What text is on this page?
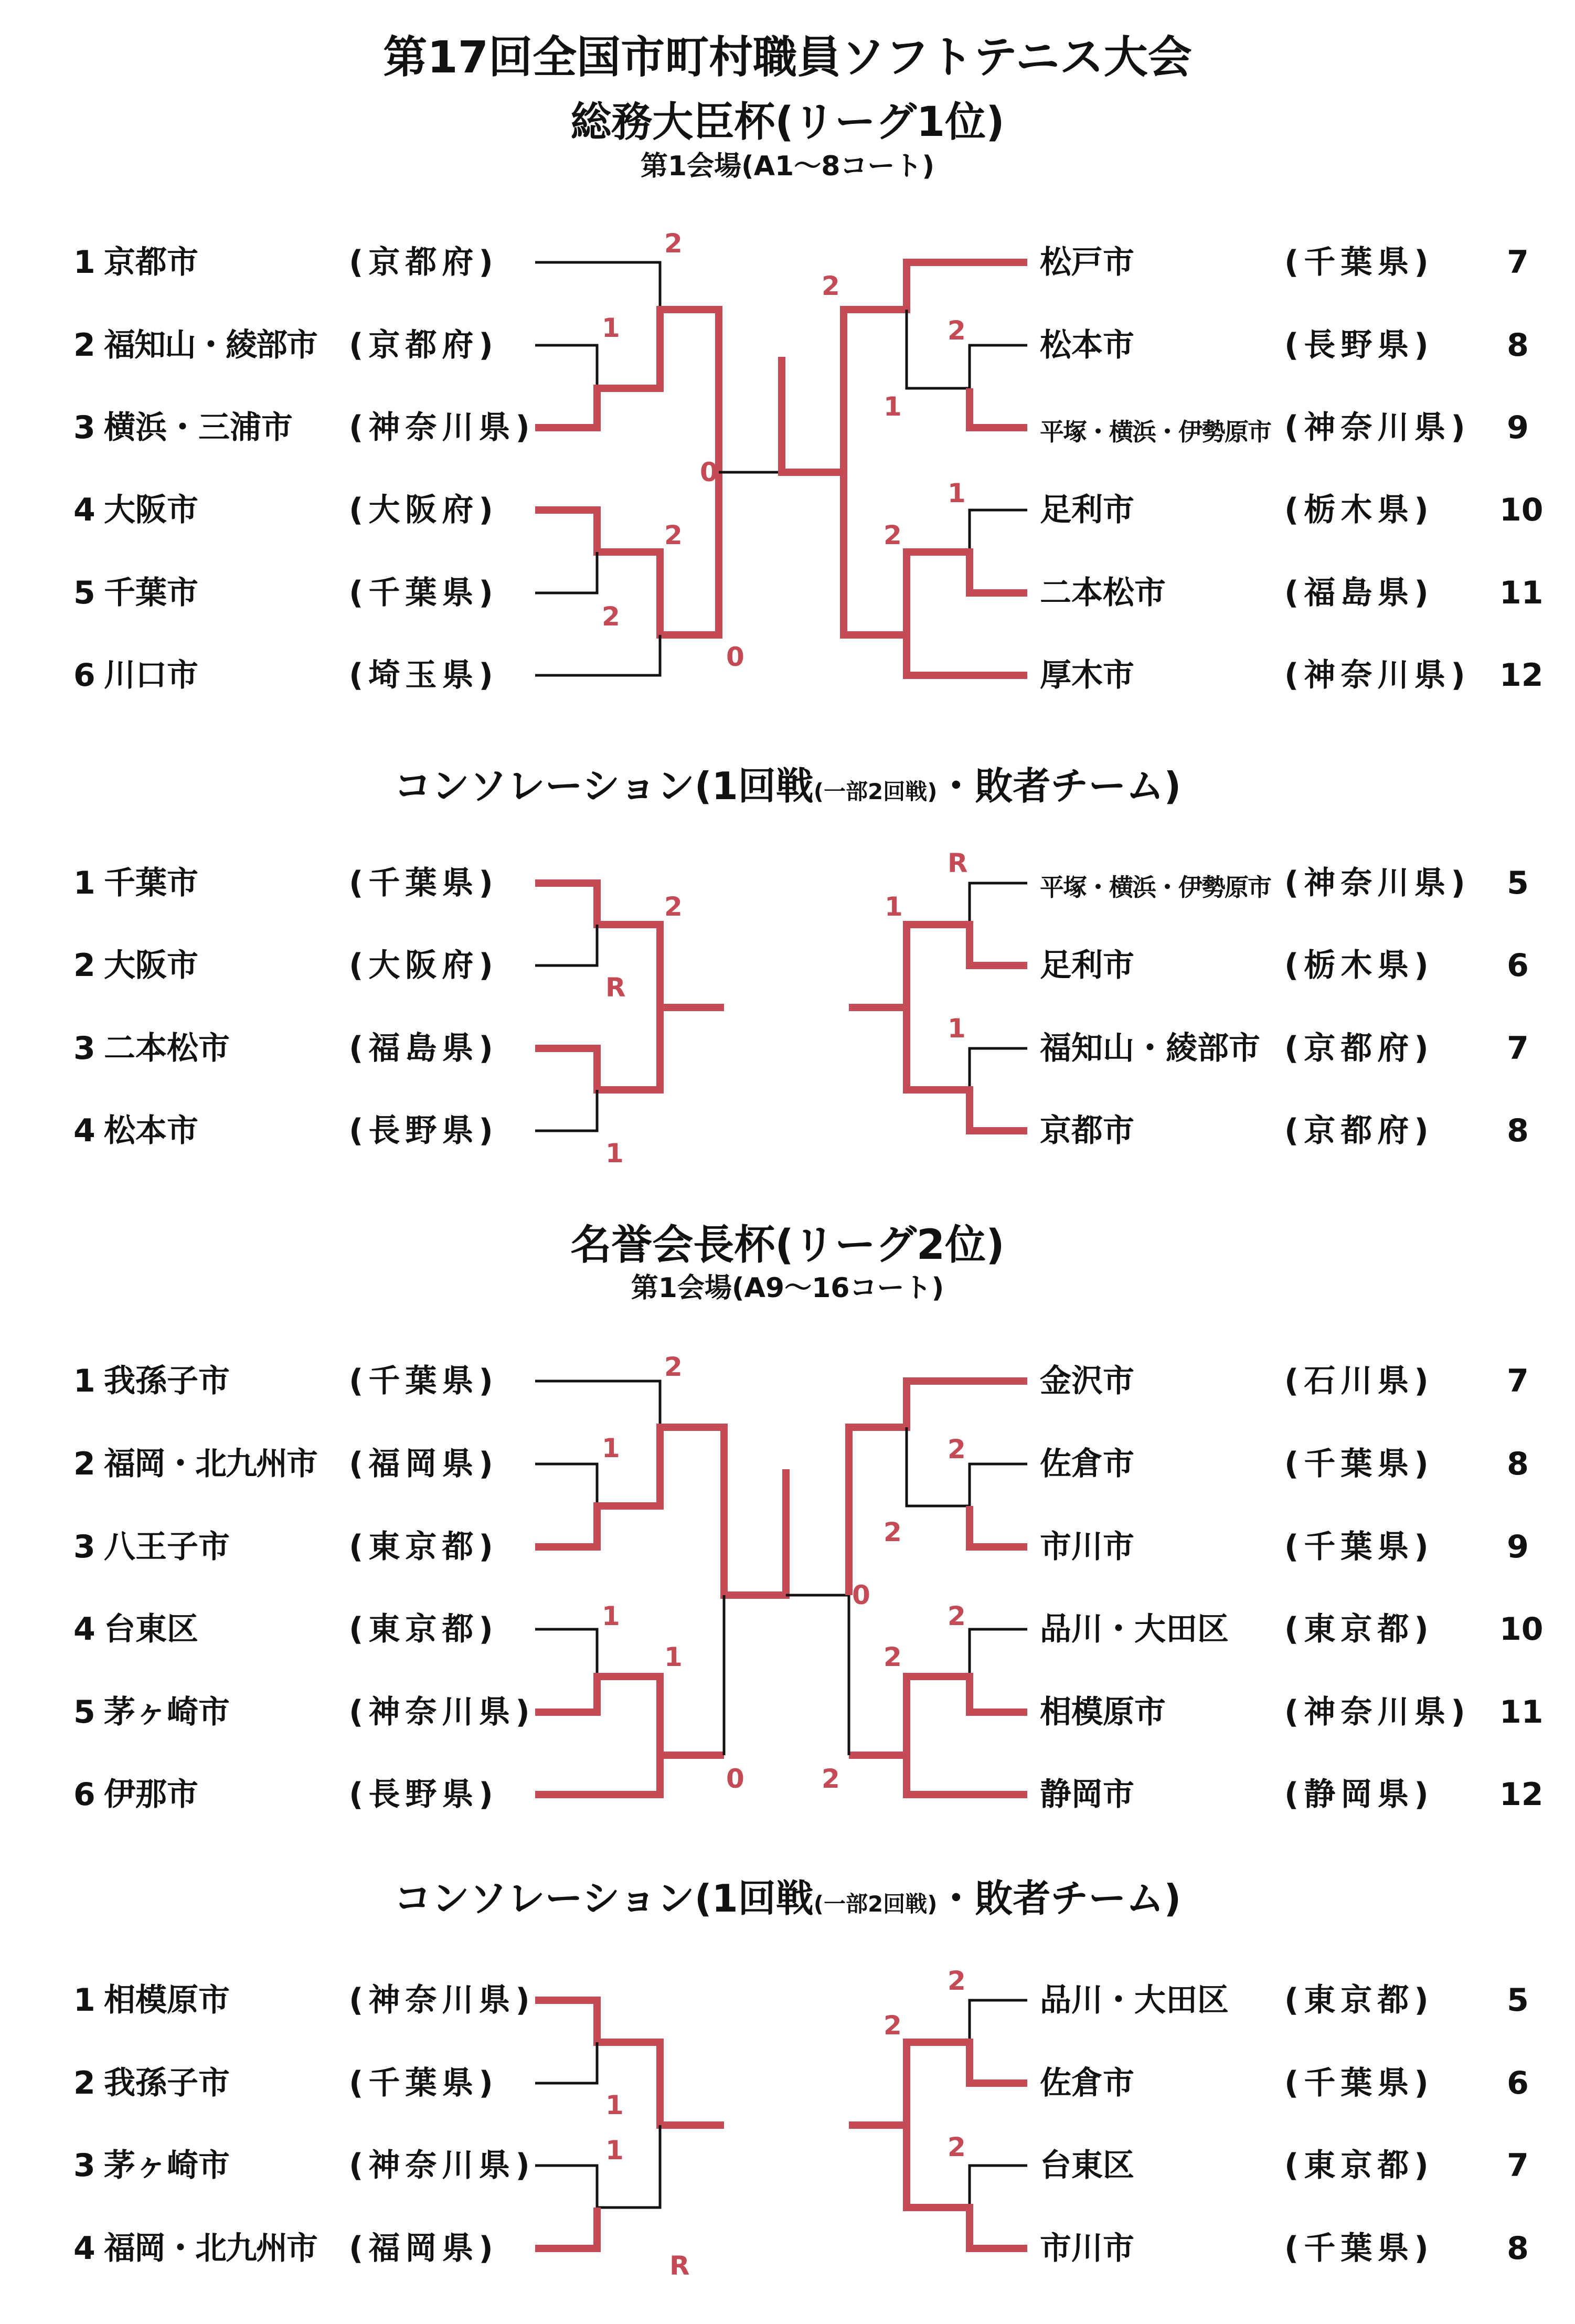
第17回全国市町村職員ソフトテニス大会
総務大臣杯(リーグ1位)
第1会場(A1～8コート)
コンソレーション(1回戦(一部2回戦)・敗者チーム)
名誉会長杯(リーグ2位)
第1会場(A9～16コート)
コンソレーション(1回戦(一部2回戦)・敗者チーム)
1 京都市	(京都府)
2 福知山・綾部市 (京都府)
3 横浜・三浦市 (神奈川県)
4 大阪市	(大阪府)
5 千葉市	(千葉県)
6 川口市	(埼玉県)
松戸市	(千葉県) 7
松本市	(長野県) 8
平塚・横浜・伊勢原市 (神奈川県) 9
足利市	(栃木県) 10
二本松市	(福島県) 11
厚木市	(神奈川県) 12
1 千葉市	(千葉県)
2 大阪市	(大阪府)
3 二本松市	(福島県)
4 松本市	(長野県)
平塚・横浜・伊勢原市 (神奈川県) 5
足利市	(栃木県) 6
福知山・綾部市 (京都府) 7
京都市	(京都府) 8
1 我孫子市	(千葉県)
2 福岡・北九州市 (福岡県)
3 八王子市	(東京都)
4 台東区	(東京都)
5 茅ヶ崎市	(神奈川県)
6 伊那市	(長野県)
金沢市	(石川県) 7
佐倉市	(千葉県) 8
市川市	(千葉県) 9
品川・大田区 (東京都) 10
相模原市	(神奈川県) 11
静岡市	(静岡県) 12
1 相模原市	(神奈川県)
2 我孫子市	(千葉県)
3 茅ヶ崎市	(神奈川県)
4 福岡・北九州市 (福岡県)
品川・大田区 (東京都) 5
佐倉市	(千葉県) 6
台東区	(東京都) 7
市川市	(千葉県) 8
2
1
2
2
0
0
2
2
1
1
2
2
R
1
R
1
1
2
1
1
1
0
0
2
2
2
2
2
1
1
R
2
2
2
